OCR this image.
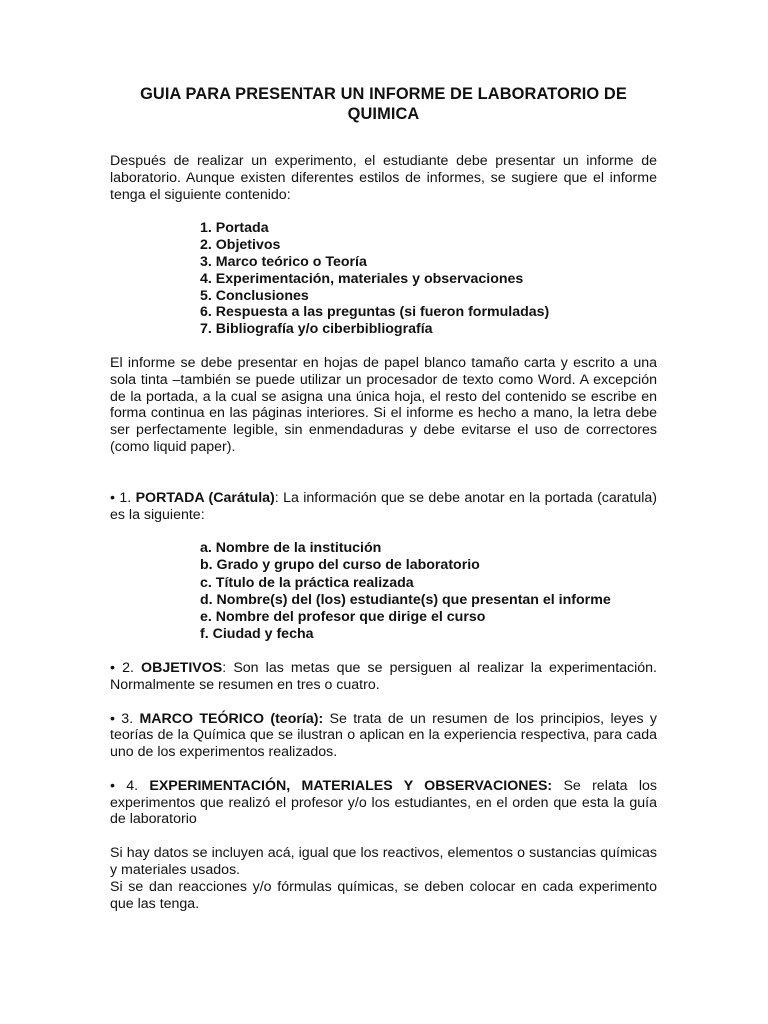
GUIA PARA PRESENTAR UN INFORME DE LABORATORIO DE QUIMICA

Después de realizar un experimento, el estudiante debe presentar un informe de laboratorio. Aunque existen diferentes estilos de informes, se sugiere que el informe tenga el siguiente contenido:

1. Portada
2. Objetivos
3. Marco teórico o Teoría
4. Experimentación, materiales y observaciones
5. Conclusiones
6. Respuesta a las preguntas (si fueron formuladas)
7. Bibliografía y/o ciberbibliografía

El informe se debe presentar en hojas de papel blanco tamaño carta y escrito a una sola tinta –también se puede utilizar un procesador de texto como Word. A excepción de la portada, a la cual se asigna una única hoja, el resto del contenido se escribe en forma continua en las páginas interiores. Si el informe es hecho a mano, la letra debe ser perfectamente legible, sin enmendaduras y debe evitarse el uso de correctores (como liquid paper).

• 1. PORTADA (Carátula): La información que se debe anotar en la portada (caratula) es la siguiente:

a. Nombre de la institución
b. Grado y grupo del curso de laboratorio
c. Título de la práctica realizada
d. Nombre(s) del (los) estudiante(s) que presentan el informe
e. Nombre del profesor que dirige el curso
f. Ciudad y fecha

• 2. OBJETIVOS: Son las metas que se persiguen al realizar la experimentación. Normalmente se resumen en tres o cuatro.

• 3. MARCO TEÓRICO (teoría): Se trata de un resumen de los principios, leyes y teorías de la Química que se ilustran o aplican en la experiencia respectiva, para cada uno de los experimentos realizados.

• 4. EXPERIMENTACIÓN, MATERIALES Y OBSERVACIONES: Se relata los experimentos que realizó el profesor y/o los estudiantes, en el orden que esta la guía de laboratorio

Si hay datos se incluyen acá, igual que los reactivos, elementos o sustancias químicas y materiales usados.

Si se dan reacciones y/o fórmulas químicas, se deben colocar en cada experimento que las tenga.
